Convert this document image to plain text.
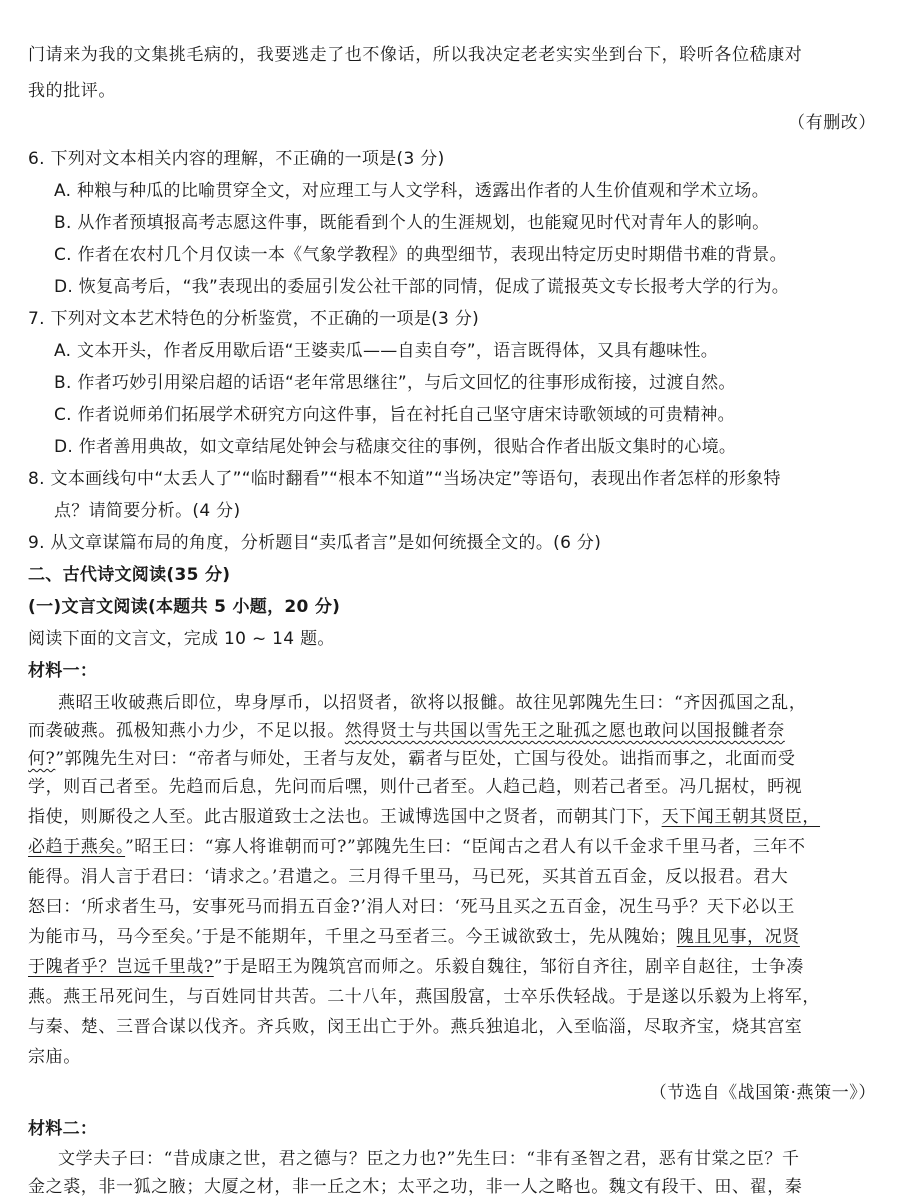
门请来为我的文集挑毛病的，我要逃走了也不像话，所以我决定老老实实坐到台下，聆听各位嵇康对
我的批评。
（有删改）
6. 下列对文本相关内容的理解，不正确的一项是(3 分)
A. 种粮与种瓜的比喻贯穿全文，对应理工与人文学科，透露出作者的人生价值观和学术立场。
B. 从作者预填报高考志愿这件事，既能看到个人的生涯规划，也能窥见时代对青年人的影响。
C. 作者在农村几个月仅读一本《气象学教程》的典型细节，表现出特定历史时期借书难的背景。
D. 恢复高考后，“我”表现出的委屈引发公社干部的同情，促成了谎报英文专长报考大学的行为。
7. 下列对文本艺术特色的分析鉴赏，不正确的一项是(3 分)
A. 文本开头，作者反用歇后语“王婆卖瓜——自卖自夸”，语言既得体，又具有趣味性。
B. 作者巧妙引用梁启超的话语“老年常思继往”，与后文回忆的往事形成衔接，过渡自然。
C. 作者说师弟们拓展学术研究方向这件事，旨在衬托自己坚守唐宋诗歌领域的可贵精神。
D. 作者善用典故，如文章结尾处钟会与嵇康交往的事例，很贴合作者出版文集时的心境。
8. 文本画线句中“太丢人了”“临时翻看”“根本不知道”“当场决定”等语句，表现出作者怎样的形象特
点？请简要分析。(4 分)
9. 从文章谋篇布局的角度，分析题目“卖瓜者言”是如何统摄全文的。(6 分)
二、古代诗文阅读(35 分)
(一)文言文阅读(本题共 5 小题，20 分)
阅读下面的文言文，完成 10 ~ 14 题。
材料一：
燕昭王收破燕后即位，卑身厚币，以招贤者，欲将以报雠。故往见郭隗先生曰：“齐因孤国之乱，
而袭破燕。孤极知燕小力少，不足以报。然得贤士与共国以雪先王之耻孤之愿也敢问以国报雠者奈
何?”郭隗先生对曰：“帝者与师处，王者与友处，霸者与臣处，亡国与役处。诎指而事之，北面而受
学，则百己者至。先趋而后息，先问而后嘿，则什己者至。人趋己趋，则若己者至。冯几据杖，眄视
指使，则厮役之人至。此古服道致士之法也。王诚博选国中之贤者，而朝其门下，天下闻王朝其贤臣，
必趋于燕矣。”昭王曰：“寡人将谁朝而可?”郭隗先生曰：“臣闻古之君人有以千金求千里马者，三年不
能得。涓人言于君曰：‘请求之。’君遣之。三月得千里马，马已死，买其首五百金，反以报君。君大
怒曰：‘所求者生马，安事死马而捐五百金?’涓人对曰：‘死马且买之五百金，况生马乎？天下必以王
为能市马，马今至矣。’于是不能期年，千里之马至者三。今王诚欲致士，先从隗始；隗且见事，况贤
于隗者乎？岂远千里哉?”于是昭王为隗筑宫而师之。乐毅自魏往，邹衍自齐往，剧辛自赵往，士争凑
燕。燕王吊死问生，与百姓同甘共苦。二十八年，燕国殷富，士卒乐佚轻战。于是遂以乐毅为上将军，
与秦、楚、三晋合谋以伐齐。齐兵败，闵王出亡于外。燕兵独追北，入至临淄，尽取齐宝，烧其宫室
宗庙。
（节选自《战国策·燕策一》）
材料二：
文学夫子曰：“昔成康之世，君之德与？臣之力也?”先生曰：“非有圣智之君，恶有甘棠之臣？千
金之裘，非一狐之腋；大厦之材，非一丘之木；太平之功，非一人之略也。魏文有段干、田、翟，秦
